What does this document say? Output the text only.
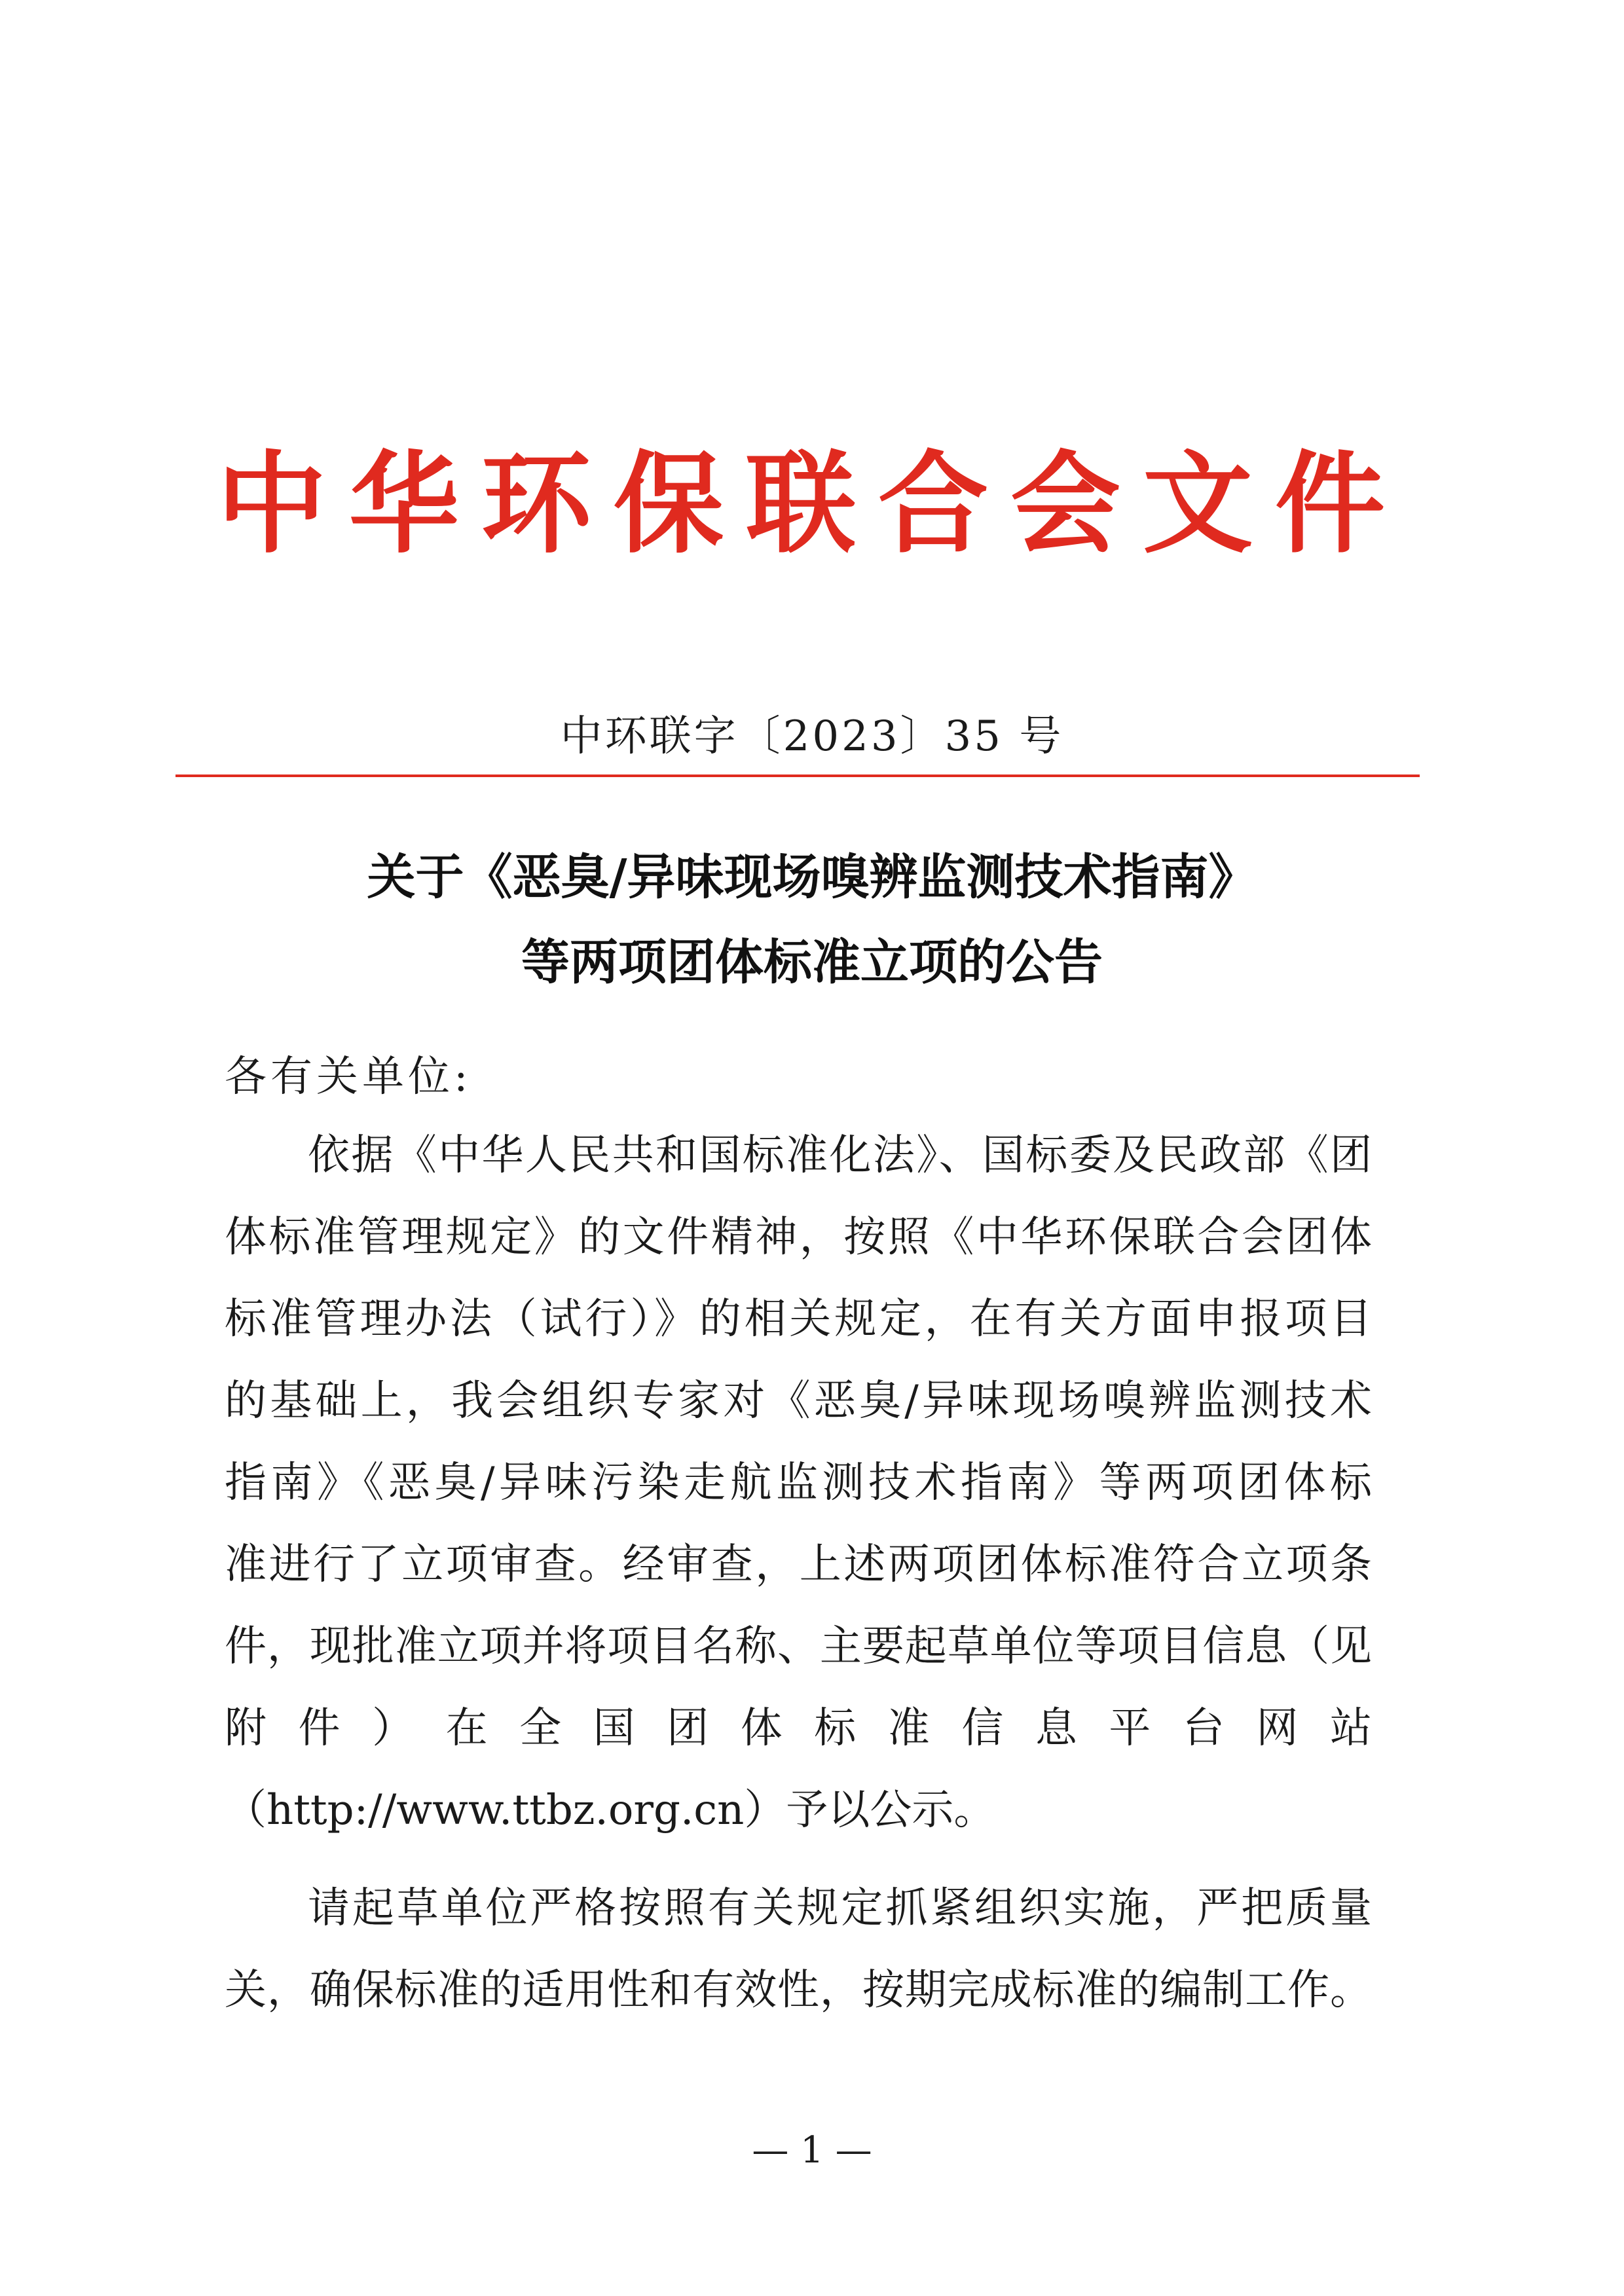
中华环保联合会文件
中环联字〔2023〕35 号
关于《恶臭/异味现场嗅辨监测技术指南》
等两项团体标准立项的公告
各有关单位:
依据《中华人民共和国标准化法》、国标委及民政部《团
体标准管理规定》的文件精神，按照《中华环保联合会团体
标准管理办法（试行）》的相关规定，在有关方面申报项目
的基础上，我会组织专家对《恶臭/异味现场嗅辨监测技术
指南》《恶臭/异味污染走航监测技术指南》等两项团体标
准进行了立项审查。经审查，上述两项团体标准符合立项条
件，现批准立项并将项目名称、主要起草单位等项目信息（见
附件）在全国团体标准信息平台网站
（http://www.ttbz.org.cn）予以公示。
请起草单位严格按照有关规定抓紧组织实施，严把质量
关，确保标准的适用性和有效性，按期完成标准的编制工作。
— 1 —
